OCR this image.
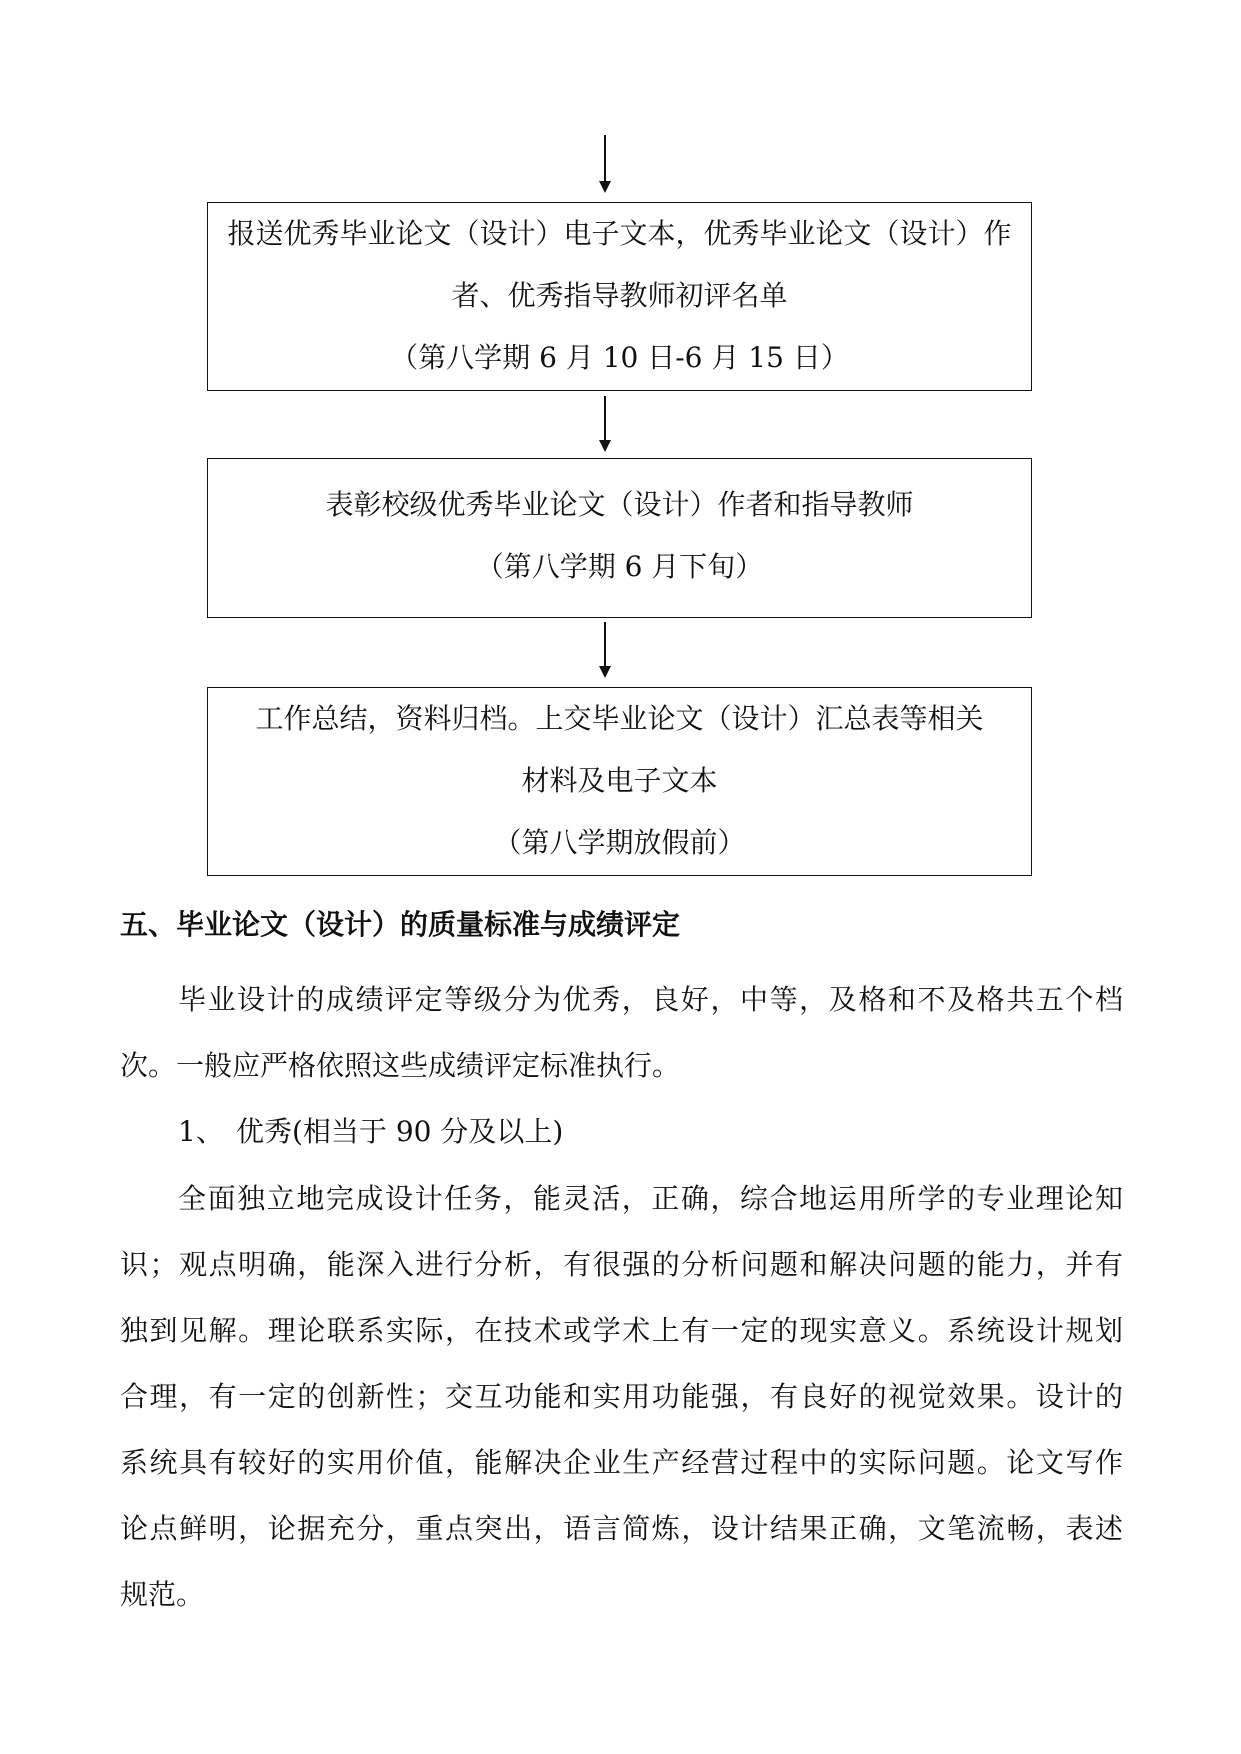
报送优秀毕业论文（设计）电子文本，优秀毕业论文（设计）作
者、优秀指导教师初评名单
（第八学期 6 月 10 日-6 月 15 日）
表彰校级优秀毕业论文（设计）作者和指导教师
（第八学期 6 月下旬）
工作总结，资料归档。上交毕业论文（设计）汇总表等相关
材料及电子文本
（第八学期放假前）
五、毕业论文（设计）的质量标准与成绩评定
毕业设计的成绩评定等级分为优秀，良好，中等，及格和不及格共五个档
次。一般应严格依照这些成绩评定标准执行。
1、 优秀(相当于 90 分及以上)
全面独立地完成设计任务，能灵活，正确，综合地运用所学的专业理论知
识；观点明确，能深入进行分析，有很强的分析问题和解决问题的能力，并有
独到见解。理论联系实际，在技术或学术上有一定的现实意义。系统设计规划
合理，有一定的创新性；交互功能和实用功能强，有良好的视觉效果。设计的
系统具有较好的实用价值，能解决企业生产经营过程中的实际问题。论文写作
论点鲜明，论据充分，重点突出，语言简炼，设计结果正确，文笔流畅，表述
规范。
